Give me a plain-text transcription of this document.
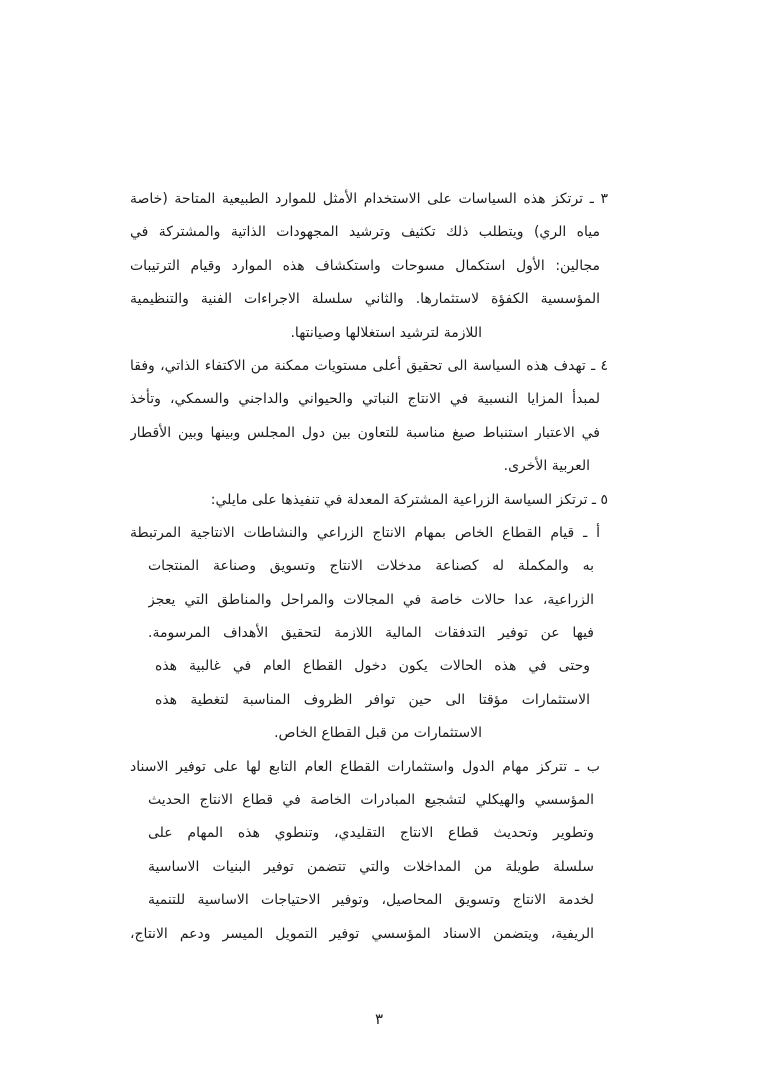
٣ ـ ترتكز هذه السياسات على الاستخدام الأمثل للموارد الطبيعية المتاحة (خاصة
مياه الري) ويتطلب ذلك تكثيف وترشيد المجهودات الذاتية والمشتركة في
مجالين: الأول استكمال مسوحات واستكشاف هذه الموارد وقيام الترتيبات
المؤسسية الكفؤة لاستثمارها. والثاني سلسلة الاجراءات الفنية والتنظيمية
اللازمة لترشيد استغلالها وصيانتها.
٤ ـ تهدف هذه السياسة الى تحقيق أعلى مستويات ممكنة من الاكتفاء الذاتي، وفقا
لمبدأ المزايا النسبية في الانتاج النباتي والحيواني والداجني والسمكي، وتأخذ
في الاعتبار استنباط صيغ مناسبة للتعاون بين دول المجلس وبينها وبين الأقطار
العربية الأخرى.
٥ ـ ترتكز السياسة الزراعية المشتركة المعدلة في تنفيذها على مايلي:
أ ـ قيام القطاع الخاص بمهام الانتاج الزراعي والنشاطات الانتاجية المرتبطة
به والمكملة له كصناعة مدخلات الانتاج وتسويق وصناعة المنتجات
الزراعية، عدا حالات خاصة في المجالات والمراحل والمناطق التي يعجز
فيها عن توفير التدفقات المالية اللازمة لتحقيق الأهداف المرسومة.
وحتى في هذه الحالات يكون دخول القطاع العام في غالبية هذه
الاستثمارات مؤقتا الى حين توافر الظروف المناسبة لتغطية هذه
الاستثمارات من قبل القطاع الخاص.
ب ـ تتركز مهام الدول واستثمارات القطاع العام التابع لها على توفير الاسناد
المؤسسي والهيكلي لتشجيع المبادرات الخاصة في قطاع الانتاج الحديث
وتطوير وتحديث قطاع الانتاج التقليدي، وتنطوي هذه المهام على
سلسلة طويلة من المداخلات والتي تتضمن توفير البنيات الاساسية
لخدمة الانتاج وتسويق المحاصيل، وتوفير الاحتياجات الاساسية للتنمية
الريفية، ويتضمن الاسناد المؤسسي توفير التمويل الميسر ودعم الانتاج،
٣
